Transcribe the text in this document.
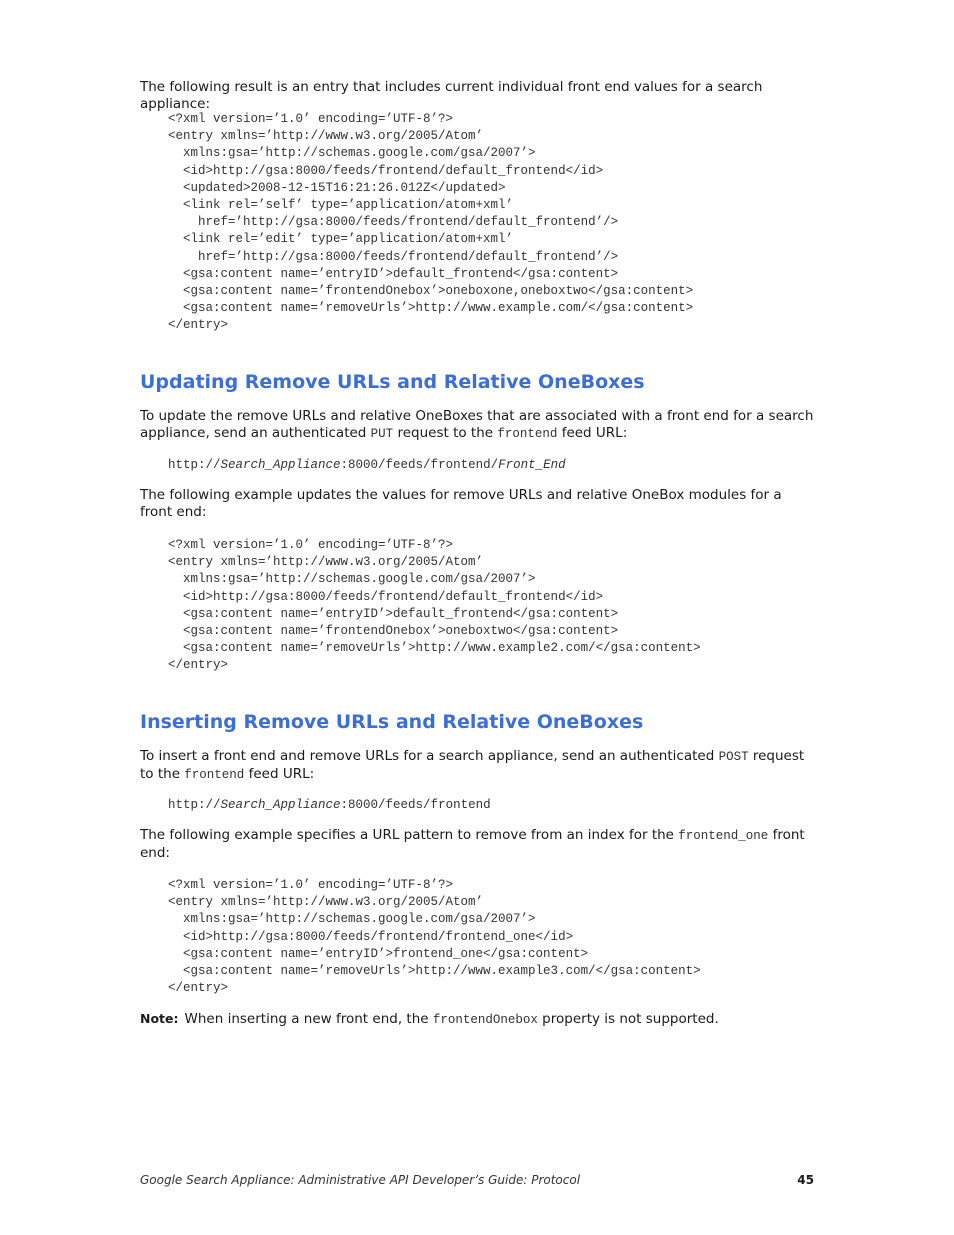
The following result is an entry that includes current individual front end values for a search appliance:
<?xml version=’1.0’ encoding=’UTF-8’?>
<entry xmlns=’http://www.w3.org/2005/Atom’
xmlns:gsa=’http://schemas.google.com/gsa/2007’>
<id>http://gsa:8000/feeds/frontend/default_frontend</id>
<updated>2008-12-15T16:21:26.012Z</updated>
<link rel=’self’ type=’application/atom+xml’
href=’http://gsa:8000/feeds/frontend/default_frontend’/>
<link rel=’edit’ type=’application/atom+xml’
href=’http://gsa:8000/feeds/frontend/default_frontend’/>
<gsa:content name=’entryID’>default_frontend</gsa:content>
<gsa:content name=’frontendOnebox’>oneboxone,oneboxtwo</gsa:content>
<gsa:content name=’removeUrls’>http://www.example.com/</gsa:content>
</entry>
Updating Remove URLs and Relative OneBoxes
To update the remove URLs and relative OneBoxes that are associated with a front end for a search appliance, send an authenticated PUT request to the frontend feed URL:
http://Search_Appliance:8000/feeds/frontend/Front_End
The following example updates the values for remove URLs and relative OneBox modules for a front end:
<?xml version=’1.0’ encoding=’UTF-8’?>
<entry xmlns=’http://www.w3.org/2005/Atom’
xmlns:gsa=’http://schemas.google.com/gsa/2007’>
<id>http://gsa:8000/feeds/frontend/default_frontend</id>
<gsa:content name=’entryID’>default_frontend</gsa:content>
<gsa:content name=’frontendOnebox’>oneboxtwo</gsa:content>
<gsa:content name=’removeUrls’>http://www.example2.com/</gsa:content>
</entry>
Inserting Remove URLs and Relative OneBoxes
To insert a front end and remove URLs for a search appliance, send an authenticated POST request to the frontend feed URL:
http://Search_Appliance:8000/feeds/frontend
The following example specifies a URL pattern to remove from an index for the frontend_one front end:
<?xml version=’1.0’ encoding=’UTF-8’?>
<entry xmlns=’http://www.w3.org/2005/Atom’
xmlns:gsa=’http://schemas.google.com/gsa/2007’>
<id>http://gsa:8000/feeds/frontend/frontend_one</id>
<gsa:content name=’entryID’>frontend_one</gsa:content>
<gsa:content name=’removeUrls’>http://www.example3.com/</gsa:content>
</entry>
Note: When inserting a new front end, the frontendOnebox property is not supported.
Google Search Appliance: Administrative API Developer’s Guide: Protocol	45
